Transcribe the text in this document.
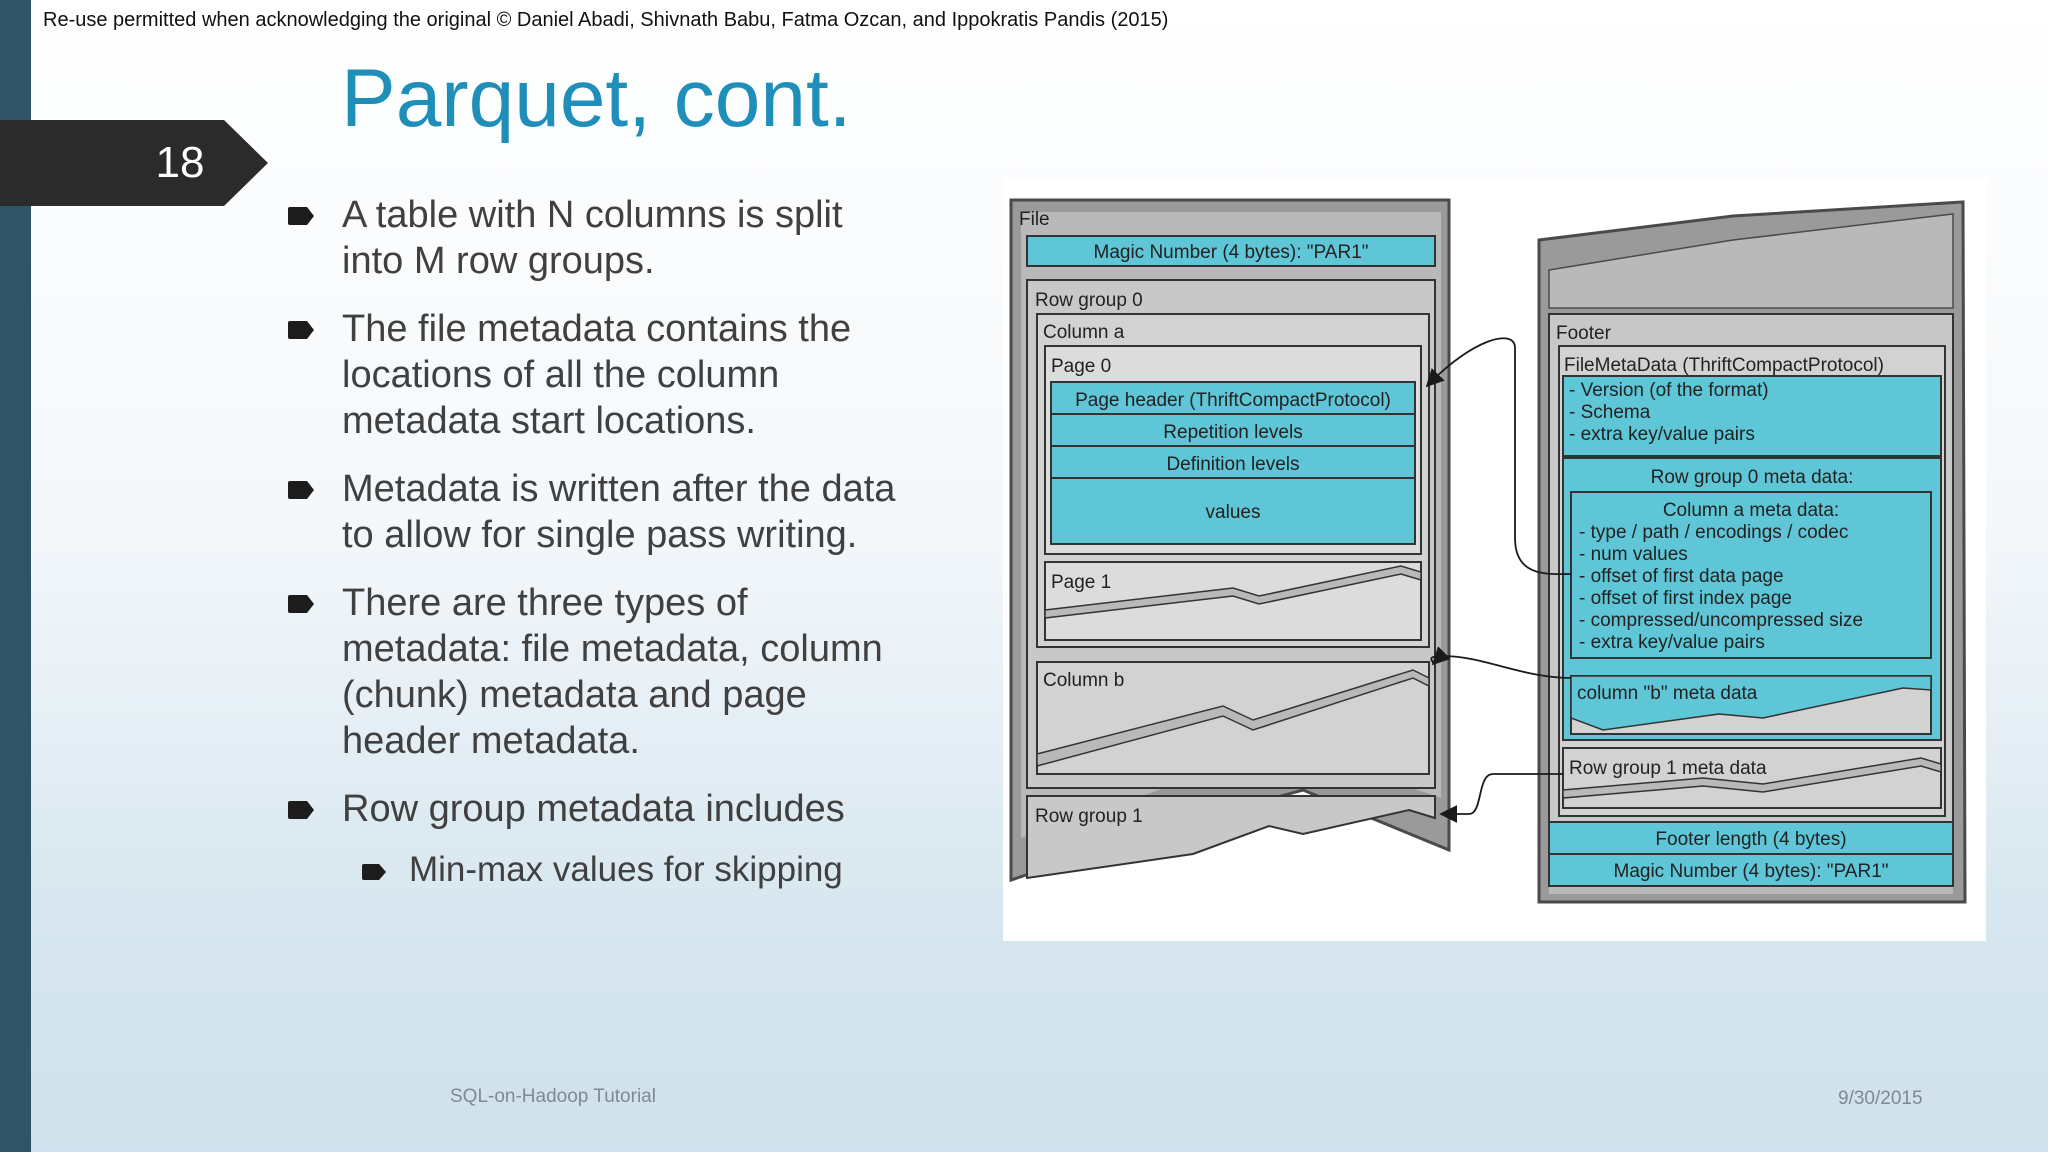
Re-use permitted when acknowledging the original © Daniel Abadi, Shivnath Babu, Fatma Ozcan, and Ippokratis Pandis (2015)
18
Parquet, cont.
A table with N columns is split into M row groups.
The file metadata contains the locations of all the column metadata start locations.
Metadata is written after the data to allow for single pass writing.
There are three types of metadata: file metadata, column (chunk) metadata and page header metadata.
Row group metadata includes
Min-max values for skipping
File
Magic Number (4 bytes): "PAR1"
Row group 0
Column a
Page 0
Page header (ThriftCompactProtocol)
Repetition levels
Definition levels
values
Page 1
Column b
Row group 1
Footer
FileMetaData (ThriftCompactProtocol)
- Version (of the format)
- Schema
- extra key/value pairs
Row group 0 meta data:
Column a meta data:
- type / path / encodings / codec
- num values
- offset of first data page
- offset of first index page
- compressed/uncompressed size
- extra key/value pairs
column "b" meta data
Row group 1 meta data
Footer length (4 bytes)
Magic Number (4 bytes): "PAR1"
SQL-on-Hadoop Tutorial	9/30/2015
